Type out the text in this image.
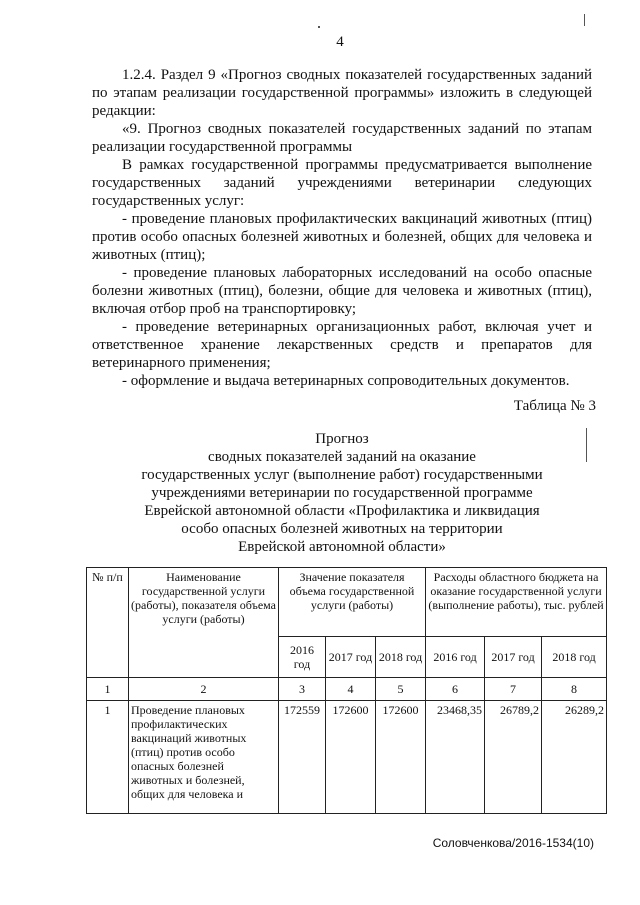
4

1.2.4. Раздел 9 «Прогноз сводных показателей государственных заданий по этапам реализации государственной программы» изложить в следующей редакции:

«9. Прогноз сводных показателей государственных заданий по этапам реализации государственной программы

В рамках государственной программы предусматривается выполнение государственных заданий учреждениями ветеринарии следующих государственных услуг:

- проведение плановых профилактических вакцинаций животных (птиц) против особо опасных болезней животных и болезней, общих для человека и животных (птиц);

- проведение плановых лабораторных исследований на особо опасные болезни животных (птиц), болезни, общие для человека и животных (птиц), включая отбор проб на транспортировку;

- проведение ветеринарных организационных работ, включая учет и ответственное хранение лекарственных средств и препаратов для ветеринарного применения;

- оформление и выдача ветеринарных сопроводительных документов.

Таблица № 3
Прогноз
сводных показателей заданий на оказание
государственных услуг (выполнение работ) государственными
учреждениями ветеринарии по государственной программе
Еврейской автономной области «Профилактика и ликвидация
особо опасных болезней животных на территории
Еврейской автономной области»
№ п/п	Наименование государственной услуги (работы), показателя объема услуги (работы)	Значение показателя объема государственной услуги (работы)			Расходы областного бюджета на оказание государственной услуги (выполнение работы), тыс. рублей		
		2016 год	2017 год	2018 год	2016 год	2017 год	2018 год
1	2	3	4	5	6	7	8
1	Проведение плановых профилактических вакцинаций животных (птиц) против особо опасных болезней животных и болезней, общих для человека и	172559	172600	172600	23468,35	26789,2	26289,2
Соловченкова/2016-1534(10)
